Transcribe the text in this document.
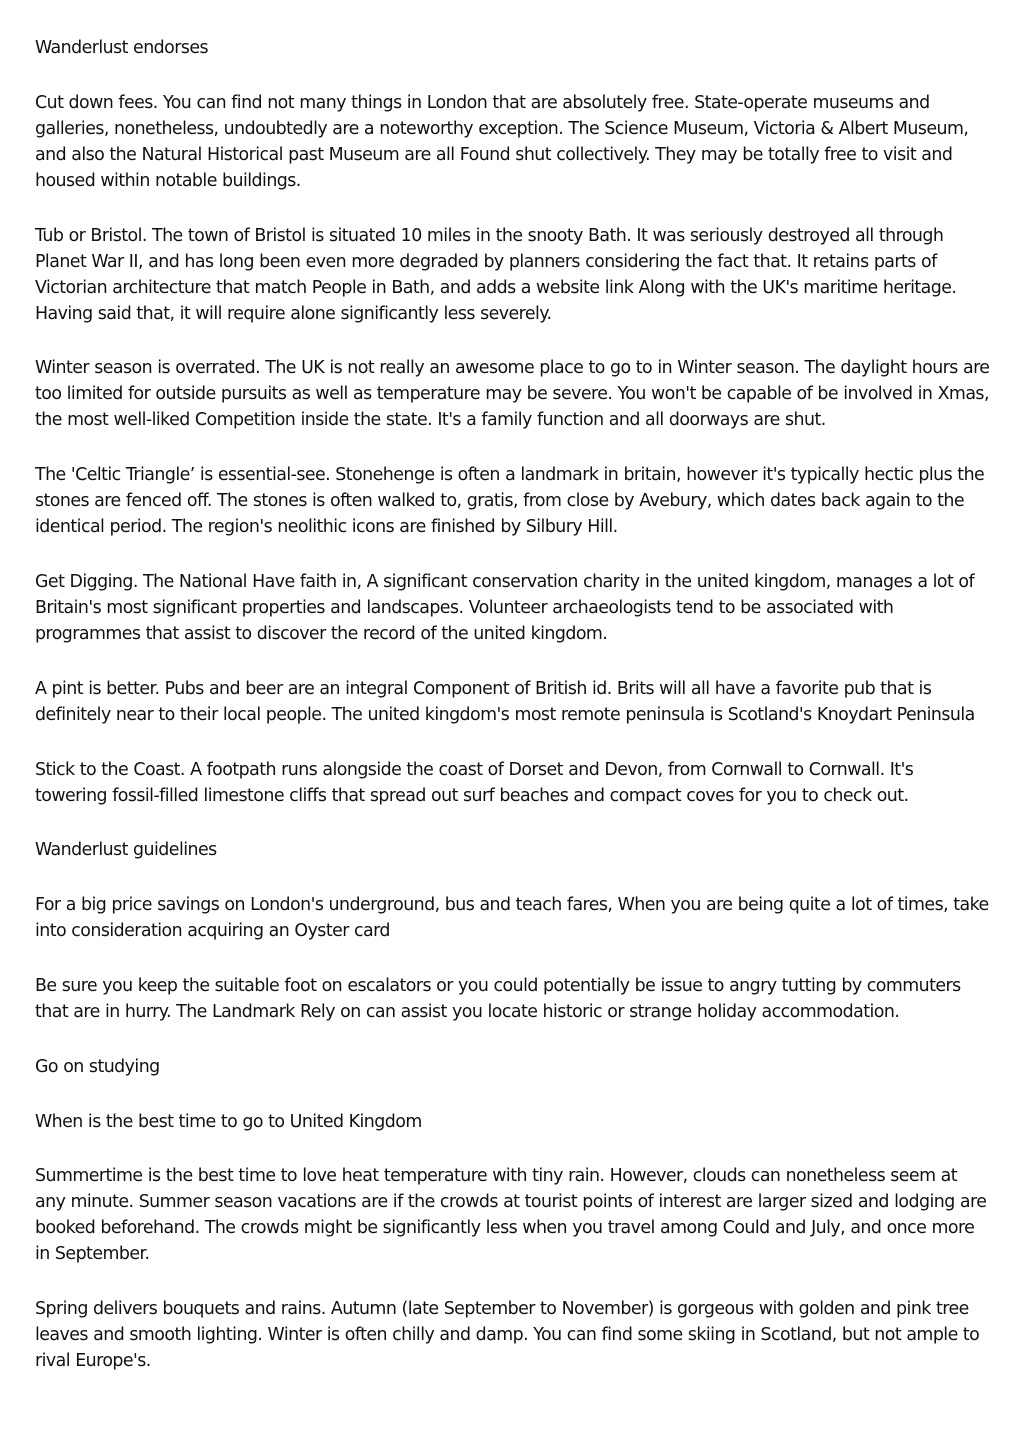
Wanderlust endorses

Cut down fees. You can find not many things in London that are absolutely free. State-operate museums and galleries, nonetheless, undoubtedly are a noteworthy exception. The Science Museum, Victoria & Albert Museum, and also the Natural Historical past Museum are all Found shut collectively. They may be totally free to visit and housed within notable buildings.

Tub or Bristol. The town of Bristol is situated 10 miles in the snooty Bath. It was seriously destroyed all through Planet War II, and has long been even more degraded by planners considering the fact that. It retains parts of Victorian architecture that match People in Bath, and adds a website link Along with the UK's maritime heritage. Having said that, it will require alone significantly less severely.

Winter season is overrated. The UK is not really an awesome place to go to in Winter season. The daylight hours are too limited for outside pursuits as well as temperature may be severe. You won't be capable of be involved in Xmas, the most well-liked Competition inside the state. It's a family function and all doorways are shut.

The 'Celtic Triangle’ is essential-see. Stonehenge is often a landmark in britain, however it's typically hectic plus the stones are fenced off. The stones is often walked to, gratis, from close by Avebury, which dates back again to the identical period. The region's neolithic icons are finished by Silbury Hill.

Get Digging. The National Have faith in, A significant conservation charity in the united kingdom, manages a lot of Britain's most significant properties and landscapes. Volunteer archaeologists tend to be associated with programmes that assist to discover the record of the united kingdom.

A pint is better. Pubs and beer are an integral Component of British id. Brits will all have a favorite pub that is definitely near to their local people. The united kingdom's most remote peninsula is Scotland's Knoydart Peninsula

Stick to the Coast. A footpath runs alongside the coast of Dorset and Devon, from Cornwall to Cornwall. It's towering fossil-filled limestone cliffs that spread out surf beaches and compact coves for you to check out.

Wanderlust guidelines

For a big price savings on London's underground, bus and teach fares, When you are being quite a lot of times, take into consideration acquiring an Oyster card

Be sure you keep the suitable foot on escalators or you could potentially be issue to angry tutting by commuters that are in hurry. The Landmark Rely on can assist you locate historic or strange holiday accommodation.

Go on studying

When is the best time to go to United Kingdom

Summertime is the best time to love heat temperature with tiny rain. However, clouds can nonetheless seem at any minute. Summer season vacations are if the crowds at tourist points of interest are larger sized and lodging are booked beforehand. The crowds might be significantly less when you travel among Could and July, and once more in September.

Spring delivers bouquets and rains. Autumn (late September to November) is gorgeous with golden and pink tree leaves and smooth lighting. Winter is often chilly and damp. You can find some skiing in Scotland, but not ample to rival Europe's.
